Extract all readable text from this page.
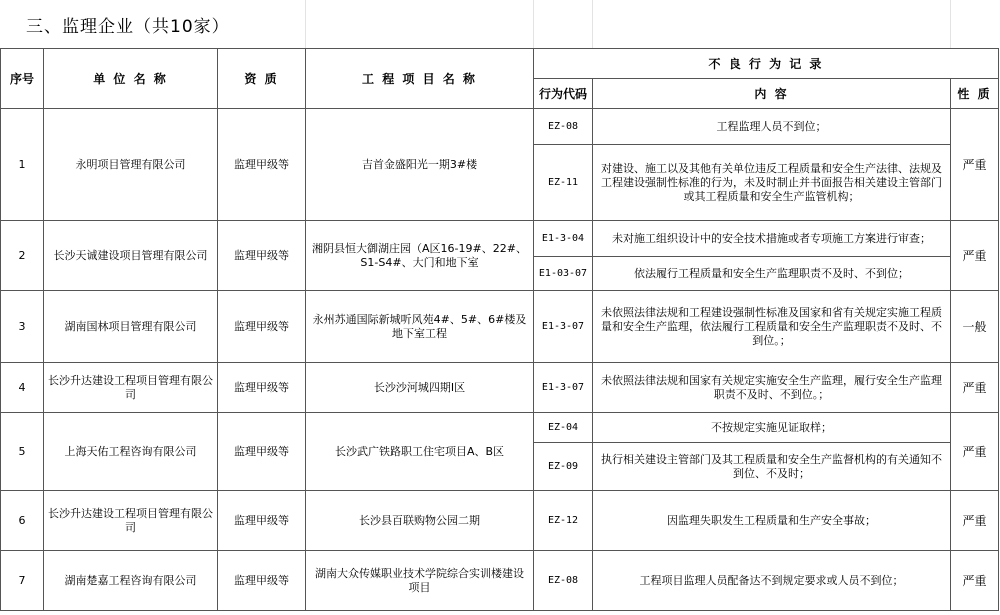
三、监理企业（共10家）
序号	单 位 名 称	资 质	工 程 项 目 名 称	不 良 行 为 记 录		
				行为代码	内 容	性 质
1	永明项目管理有限公司	监理甲级等	吉首金盛阳光一期3#楼	EZ-08	工程监理人员不到位；	严重
				EZ-11	对建设、施工以及其他有关单位违反工程质量和安全生产法律、法规及工程建设强制性标准的行为，未及时制止并书面报告相关建设主管部门或其工程质量和安全生产监管机构；	
2	长沙天诚建设项目管理有限公司	监理甲级等	湘阴县恒大御湖庄园（A区16-19#、22#、S1-S4#、大门和地下室	E1-3-04	未对施工组织设计中的安全技术措施或者专项施工方案进行审查；	严重
				E1-03-07	依法履行工程质量和安全生产监理职责不及时、不到位；	
3	湖南国林项目管理有限公司	监理甲级等	永州苏通国际新城听风苑4#、5#、6#楼及地下室工程	E1-3-07	未依照法律法规和工程建设强制性标准及国家和省有关规定实施工程质量和安全生产监理，依法履行工程质量和安全生产监理职责不及时、不到位。；	一般
4	长沙升达建设工程项目管理有限公司	监理甲级等	长沙沙河城四期Ⅰ区	E1-3-07	未依照法律法规和国家有关规定实施安全生产监理，履行安全生产监理职责不及时、不到位。；	严重
5	上海天佑工程咨询有限公司	监理甲级等	长沙武广铁路职工住宅项目A、B区	EZ-04	不按规定实施见证取样；	严重
				EZ-09	执行相关建设主管部门及其工程质量和安全生产监督机构的有关通知不到位、不及时；	
6	长沙升达建设工程项目管理有限公司	监理甲级等	长沙县百联购物公园二期	EZ-12	因监理失职发生工程质量和生产安全事故；	严重
7	湖南楚嘉工程咨询有限公司	监理甲级等	湖南大众传媒职业技术学院综合实训楼建设项目	EZ-08	工程项目监理人员配备达不到规定要求或人员不到位；	严重
